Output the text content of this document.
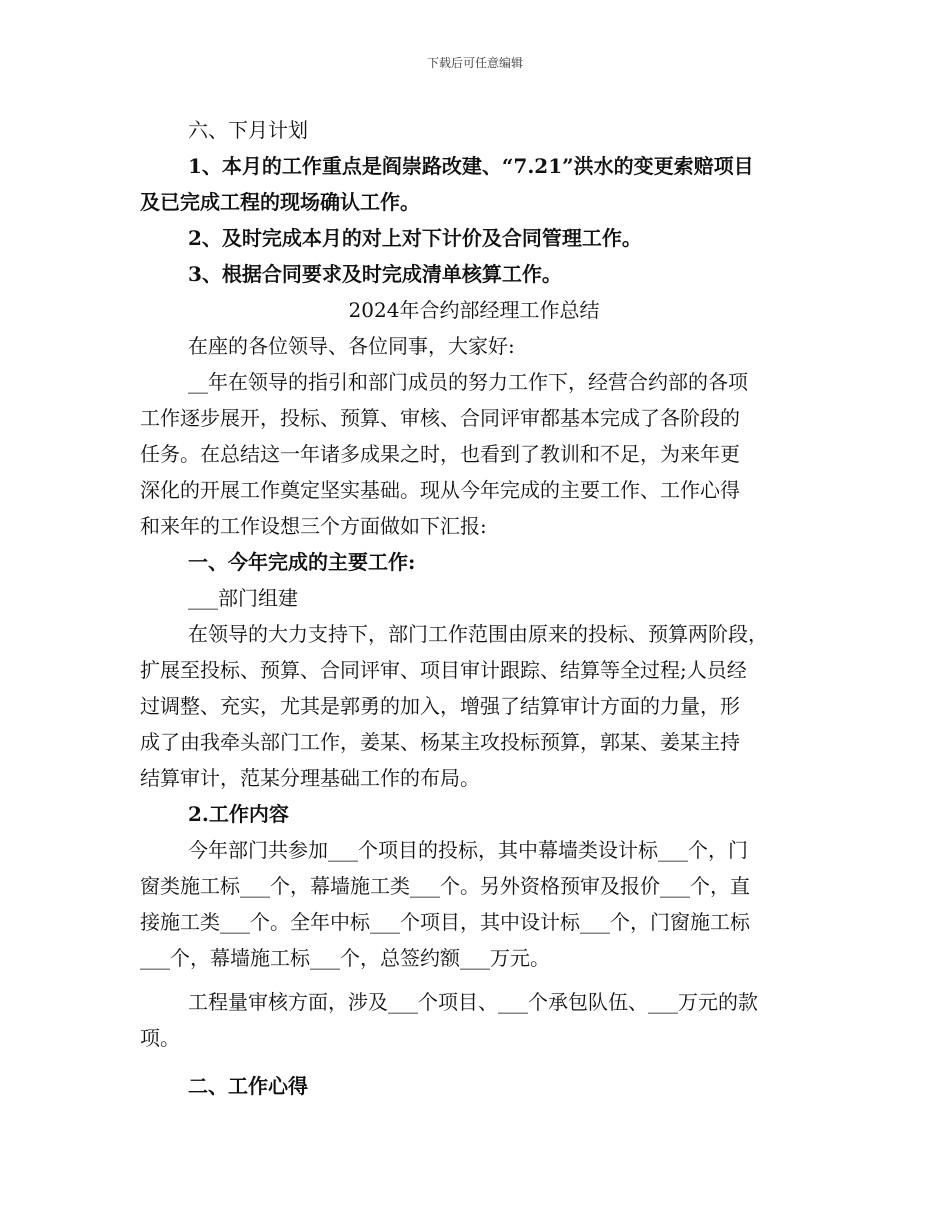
下载后可任意编辑
六、下月计划
1、本月的工作重点是阎崇路改建、“7.21”洪水的变更索赔项目
及已完成工程的现场确认工作。
2、及时完成本月的对上对下计价及合同管理工作。
3、根据合同要求及时完成清单核算工作。
2024年合约部经理工作总结
在座的各位领导、各位同事，大家好:
__年在领导的指引和部门成员的努力工作下，经营合约部的各项
工作逐步展开，投标、预算、审核、合同评审都基本完成了各阶段的
任务。在总结这一年诸多成果之时，也看到了教训和不足，为来年更
深化的开展工作奠定坚实基础。现从今年完成的主要工作、工作心得
和来年的工作设想三个方面做如下汇报:
一、今年完成的主要工作:
___部门组建
在领导的大力支持下，部门工作范围由原来的投标、预算两阶段，
扩展至投标、预算、合同评审、项目审计跟踪、结算等全过程;人员经
过调整、充实，尤其是郭勇的加入，增强了结算审计方面的力量，形
成了由我牵头部门工作，姜某、杨某主攻投标预算，郭某、姜某主持
结算审计，范某分理基础工作的布局。
2.工作内容
今年部门共参加___个项目的投标，其中幕墙类设计标___个，门
窗类施工标___个，幕墙施工类___个。另外资格预审及报价___个，直
接施工类___个。全年中标___个项目，其中设计标___个，门窗施工标
___个，幕墙施工标___个，总签约额___万元。
工程量审核方面，涉及___个项目、___个承包队伍、___万元的款
项。
二、工作心得
